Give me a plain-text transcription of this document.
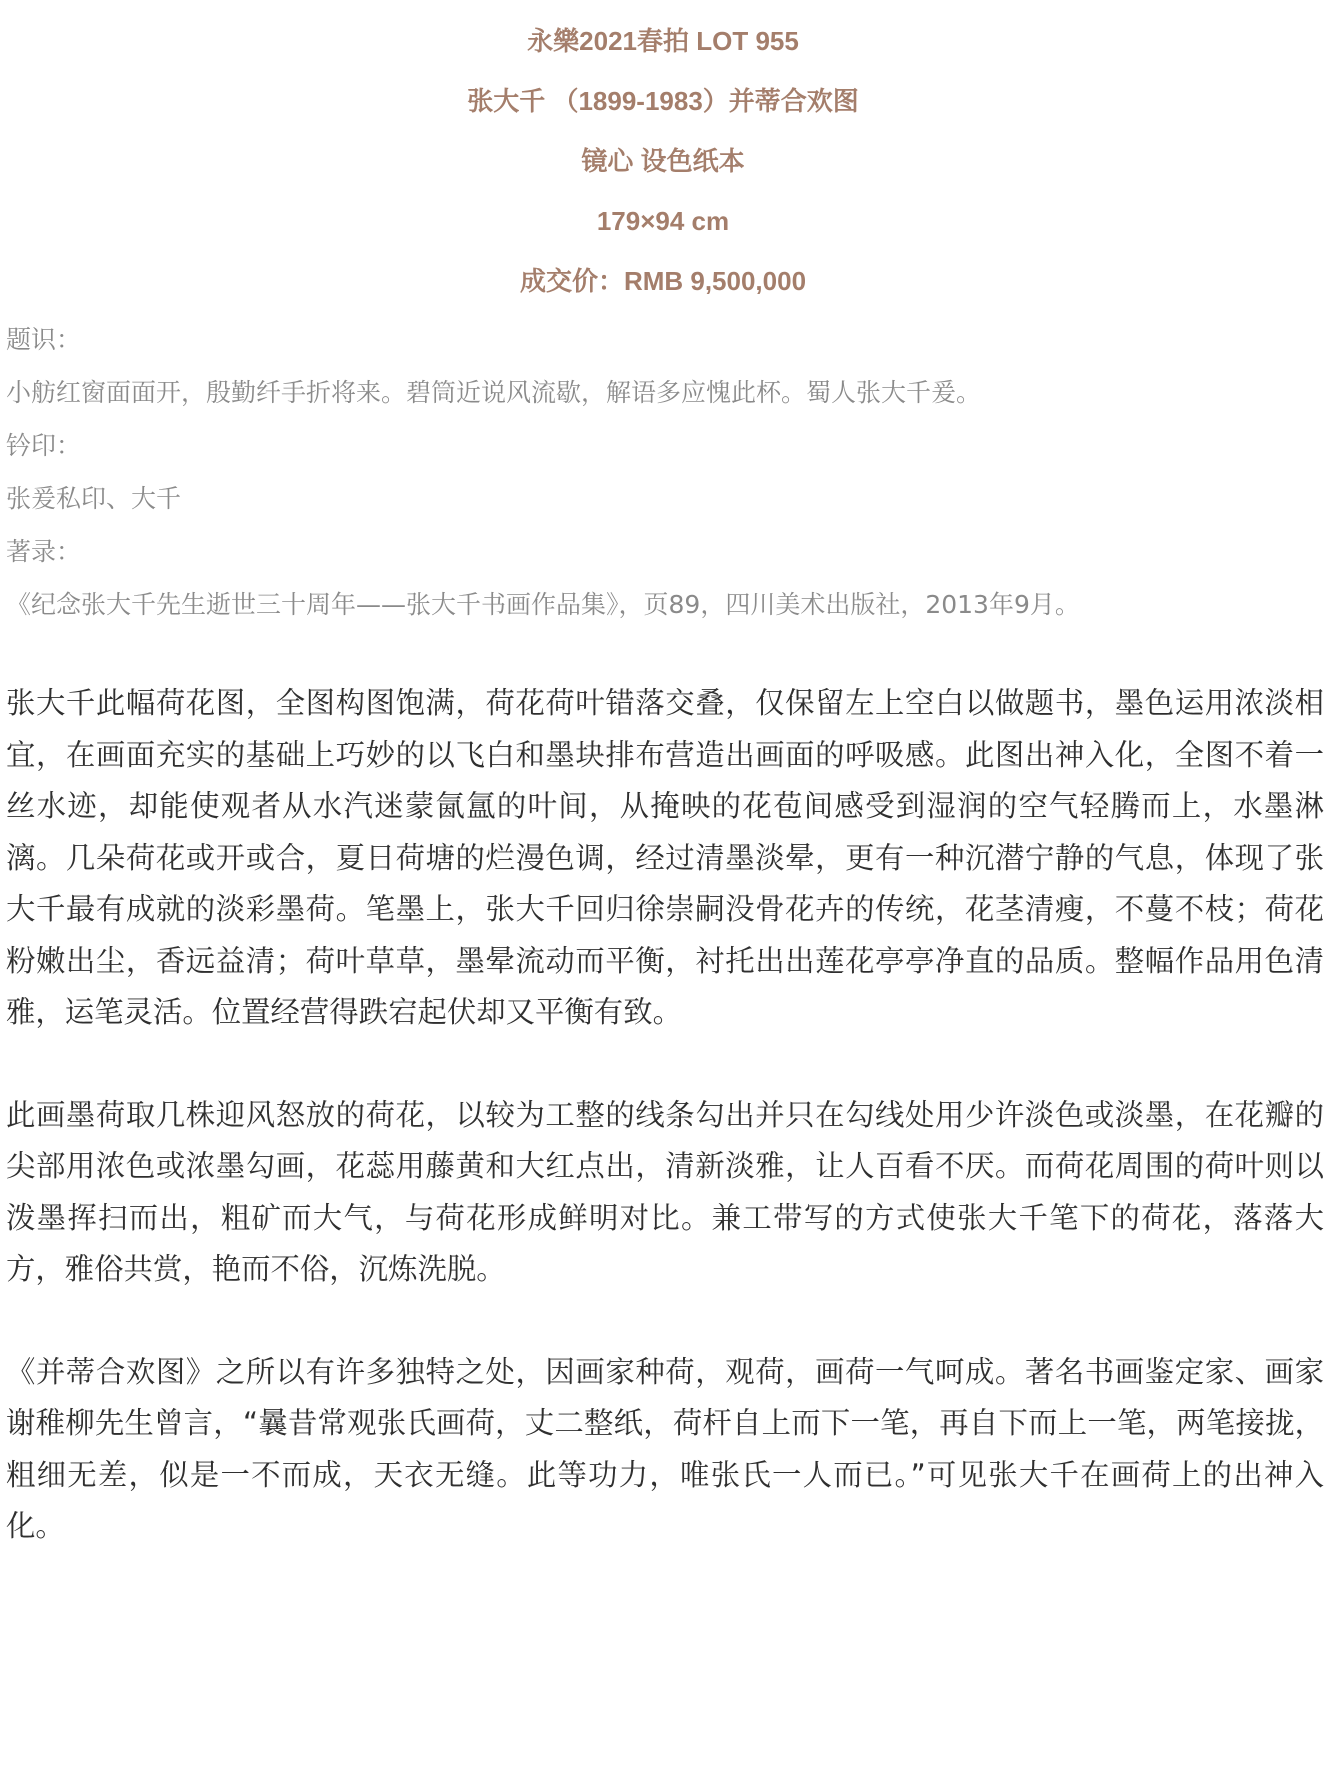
永樂2021春拍 LOT 955

张大千 （1899-1983）并蒂合欢图

镜心 设色纸本

179×94 cm

成交价：RMB 9,500,000

题识：

小舫红窗面面开，殷勤纤手折将来。碧筒近说风流歇，解语多应愧此杯。蜀人张大千爰。

钤印：

张爰私印、大千

著录：

《纪念张大千先生逝世三十周年——张大千书画作品集》，页89，四川美术出版社，2013年9月。

张大千此幅荷花图，全图构图饱满，荷花荷叶错落交叠，仅保留左上空白以做题书，墨色运用浓淡相宜，在画面充实的基础上巧妙的以飞白和墨块排布营造出画面的呼吸感。此图出神入化，全图不着一丝水迹，却能使观者从水汽迷蒙氤氲的叶间，从掩映的花苞间感受到湿润的空气轻腾而上，水墨淋漓。几朵荷花或开或合，夏日荷塘的烂漫色调，经过清墨淡晕，更有一种沉潜宁静的气息，体现了张大千最有成就的淡彩墨荷。笔墨上，张大千回归徐崇嗣没骨花卉的传统，花茎清瘦，不蔓不枝；荷花粉嫩出尘，香远益清；荷叶草草，墨晕流动而平衡，衬托出出莲花亭亭净直的品质。整幅作品用色清雅，运笔灵活。位置经营得跌宕起伏却又平衡有致。

此画墨荷取几株迎风怒放的荷花，以较为工整的线条勾出并只在勾线处用少许淡色或淡墨，在花瓣的尖部用浓色或浓墨勾画，花蕊用藤黄和大红点出，清新淡雅，让人百看不厌。而荷花周围的荷叶则以泼墨挥扫而出，粗矿而大气，与荷花形成鲜明对比。兼工带写的方式使张大千笔下的荷花，落落大方，雅俗共赏，艳而不俗，沉炼洗脱。

《并蒂合欢图》之所以有许多独特之处，因画家种荷，观荷，画荷一气呵成。著名书画鉴定家、画家谢稚柳先生曾言，“曩昔常观张氏画荷，丈二整纸，荷杆自上而下一笔，再自下而上一笔，两笔接拢，粗细无差，似是一不而成，天衣无缝。此等功力，唯张氏一人而已。”可见张大千在画荷上的出神入化。
